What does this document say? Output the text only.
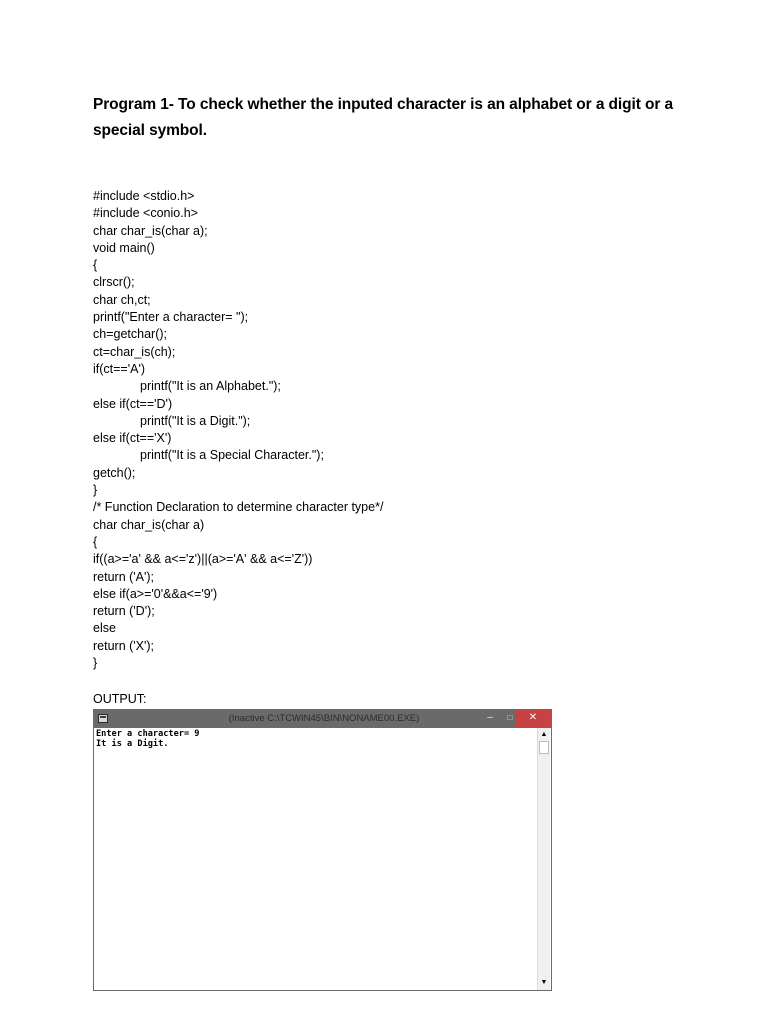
Program 1- To check whether the inputed character is an alphabet or a digit or a special symbol.
#include <stdio.h>
#include <conio.h>
char char_is(char a);
void main()
{
clrscr();
char ch,ct;
printf("Enter a character= ");
ch=getchar();
ct=char_is(ch);
if(ct=='A')
printf("It is an Alphabet.");
else if(ct=='D')
printf("It is a Digit.");
else if(ct=='X')
printf("It is a Special Character.");
getch();
}
/* Function Declaration to determine character type*/
char char_is(char a)
{
if((a>='a' && a<='z')||(a>='A' && a<='Z'))
return ('A');
else if(a>='0'&&a<='9')
return ('D');
else
return ('X');
}
OUTPUT:
(Inactive C:\TCWIN45\BIN\NONAME00.EXE)	–	□	✕
Enter a character= 9
It is a Digit.
▲
▼
